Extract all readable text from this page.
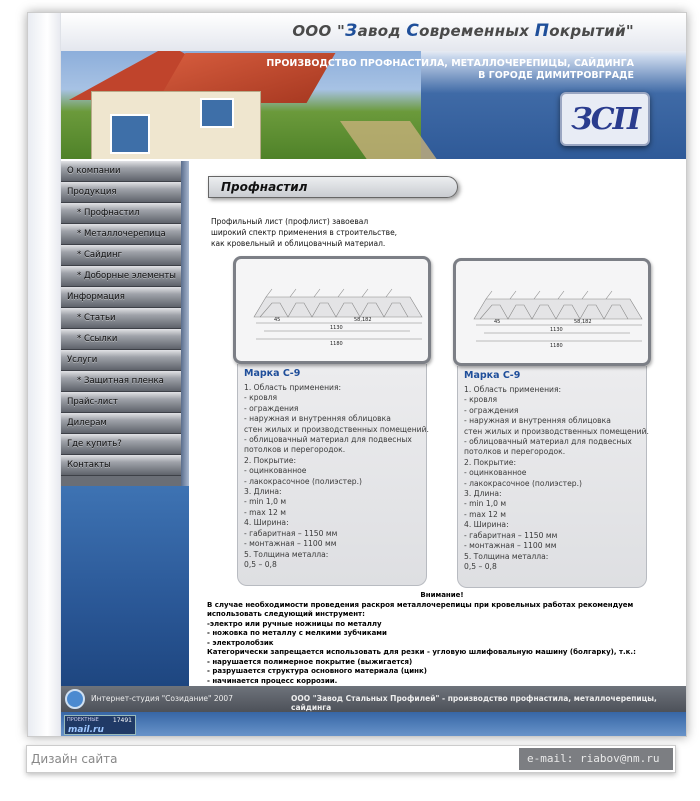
ООО "Завод Современных Покрытий"
ПРОИЗВОДСТВО ПРОФНАСТИЛА, МЕТАЛЛОЧЕРЕПИЦЫ, САЙДИНГА
В ГОРОДЕ ДИМИТРОВГРАДЕ
ЗСП
О компании
Продукция
* Профнастил
* Металлочерепица
* Сайдинг
* Доборные элементы
Информация
* Статьи
* Ссылки
Услуги
* Защитная пленка
Прайс-лист
Дилерам
Где купить?
Контакты
Профнастил
Профильный лист (профлист) завоевал
широкий спектр применения в строительстве,
как кровельный и облицовачный материал.
45
1130
58,182
1180
Марка С-9
1. Область применения:
- кровля
- ограждения
- наружная и внутренняя облицовка
стен жилых и производственных помещений.
- облицовачный материал для подвесных
потолков и перегородок.
2. Покрытие:
- оцинкованное
- лакокрасочное (полиэстер.)
3. Длина:
- min 1,0 м
- max 12 м
4. Ширина:
- габаритная – 1150 мм
- монтажная – 1100 мм
5. Толщина металла:
0,5 – 0,8
45
1130
58,182
1180
Марка С-9
1. Область применения:
- кровля
- ограждения
- наружная и внутренняя облицовка
стен жилых и производственных помещений.
- облицовачный материал для подвесных
потолков и перегородок.
2. Покрытие:
- оцинкованное
- лакокрасочное (полиэстер.)
3. Длина:
- min 1,0 м
- max 12 м
4. Ширина:
- габаритная – 1150 мм
- монтажная – 1100 мм
5. Толщина металла:
0,5 – 0,8
Внимание!
В случае необходимости проведения раскроя металлочерепицы при кровельных работах рекомендуем
использовать следующий инструмент:
-электро или ручные ножницы по металлу
- ножовка по металлу с мелкими зубчиками
- электролобзик
Категорически запрещается использовать для резки - угловую шлифовальную машину (болгарку), т.к.:
- нарушается полимерное покрытие (выжигается)
- разрушается структура основного материала (цинк)
- начинается процесс коррозии.
Интернет-студия "Созидание" 2007	ООО "Завод Стальных Профилей" - производство профнастила, металлочерепицы, сайдинга
ПРОЕКТНЫЕ 17491
mail.ru
Дизайн сайта	e-mail: riabov@nm.ru
